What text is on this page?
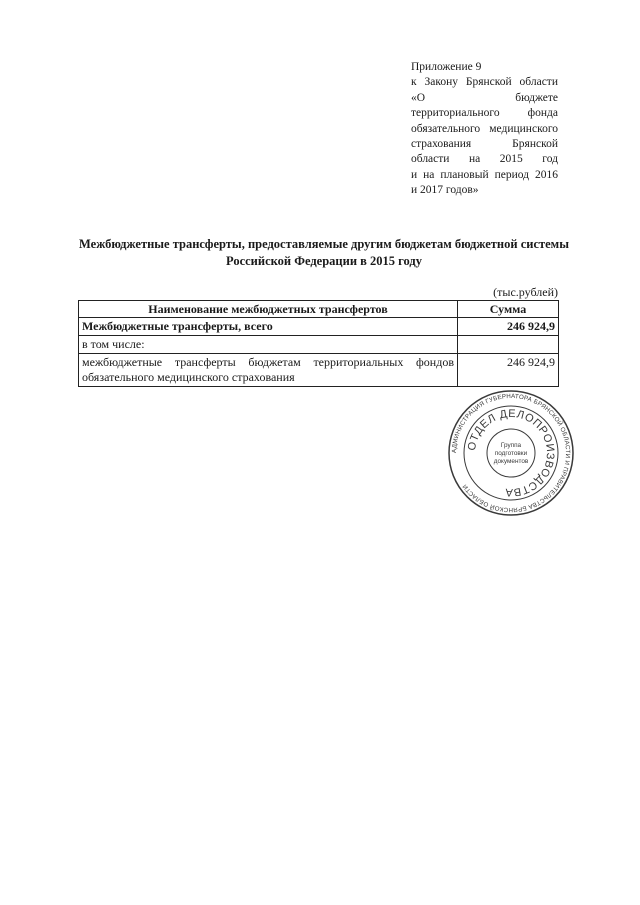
Приложение 9
к Закону Брянской области
«О бюджете
территориального фонда
обязательного медицинского
страхования Брянской
области на 2015 год
и на плановый период 2016
и 2017 годов»
Межбюджетные трансферты, предоставляемые другим бюджетам бюджетной системы
Российской Федерации в 2015 году
(тыс.рублей)
Наименование межбюджетных трансфертов	Сумма
Межбюджетные трансферты, всего	246 924,9
в том числе:	
межбюджетные трансферты бюджетам территориальных фондов
обязательного медицинского страхования	246 924,9
АДМИНИСТРАЦИЯ ГУБЕРНАТОРА БРЯНСКОЙ ОБЛАСТИ И ПРАВИТЕЛЬСТВА БРЯНСКОЙ ОБЛАСТИ
ОТДЕЛ ДЕЛОПРОИЗВОДСТВА
Группа
подготовки
документов
